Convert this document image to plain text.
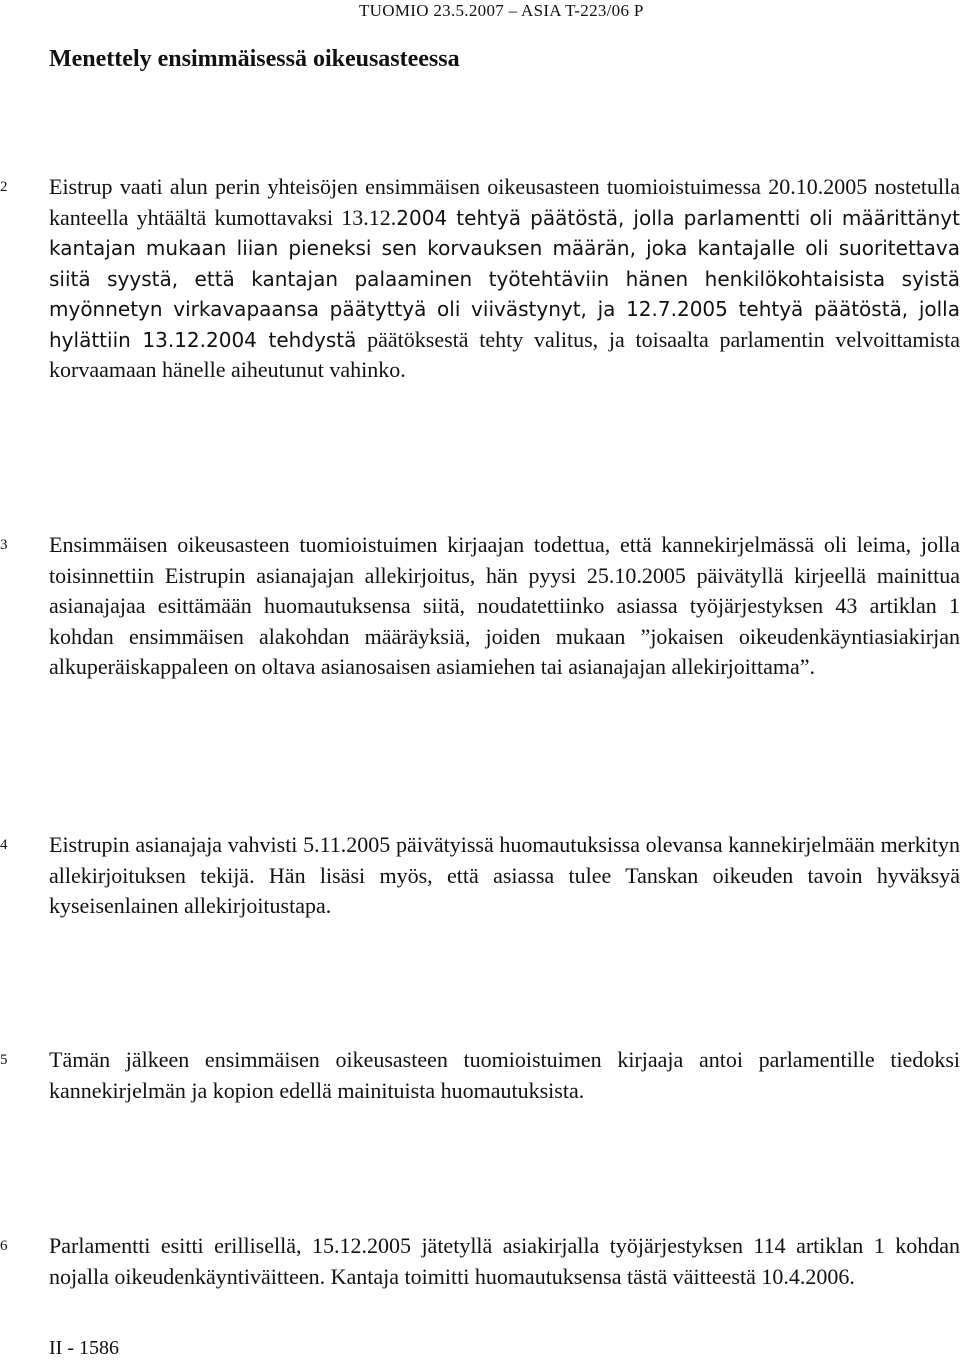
TUOMIO 23.5.2007 – ASIA T-223/06 P
Menettely ensimmäisessä oikeusasteessa
2	Eistrup vaati alun perin yhteisöjen ensimmäisen oikeusasteen tuomioistuimessa 20.10.2005 nostetulla kanteella yhtäältä kumottavaksi 13.12.2004 tehtyä päätöstä, jolla parlamentti oli määrittänyt kantajan mukaan liian pieneksi sen korvauksen määrän, joka kantajalle oli suoritettava siitä syystä, että kantajan palaaminen työtehtäviin hänen henkilökohtaisista syistä myönnetyn virkavapaansa päätyttyä oli viivästynyt, ja 12.7.2005 tehtyä päätöstä, jolla hylättiin 13.12.2004 tehdystä päätöksestä tehty valitus, ja toisaalta parlamentin velvoittamista korvaamaan hänelle aiheutunut vahinko.

3	Ensimmäisen oikeusasteen tuomioistuimen kirjaajan todettua, että kannekirjelmässä oli leima, jolla toisinnettiin Eistrupin asianajajan allekirjoitus, hän pyysi 25.10.2005 päivätyllä kirjeellä mainittua asianajajaa esittämään huomautuksensa siitä, noudatettiinko asiassa työjärjestyksen 43 artiklan 1 kohdan ensimmäisen alakohdan määräyksiä, joiden mukaan ”jokaisen oikeudenkäyntiasiakirjan alkuperäiskappaleen on oltava asianosaisen asiamiehen tai asianajajan allekirjoittama”.

4	Eistrupin asianajaja vahvisti 5.11.2005 päivätyissä huomautuksissa olevansa kannekirjelmään merkityn allekirjoituksen tekijä. Hän lisäsi myös, että asiassa tulee Tanskan oikeuden tavoin hyväksyä kyseisenlainen allekirjoitustapa.

5	Tämän jälkeen ensimmäisen oikeusasteen tuomioistuimen kirjaaja antoi parlamentille tiedoksi kannekirjelmän ja kopion edellä mainituista huomautuksista.

6	Parlamentti esitti erillisellä, 15.12.2005 jätetyllä asiakirjalla työjärjestyksen 114 artiklan 1 kohdan nojalla oikeudenkäyntiväitteen. Kantaja toimitti huomautuksensa tästä väitteestä 10.4.2006.

II - 1586
